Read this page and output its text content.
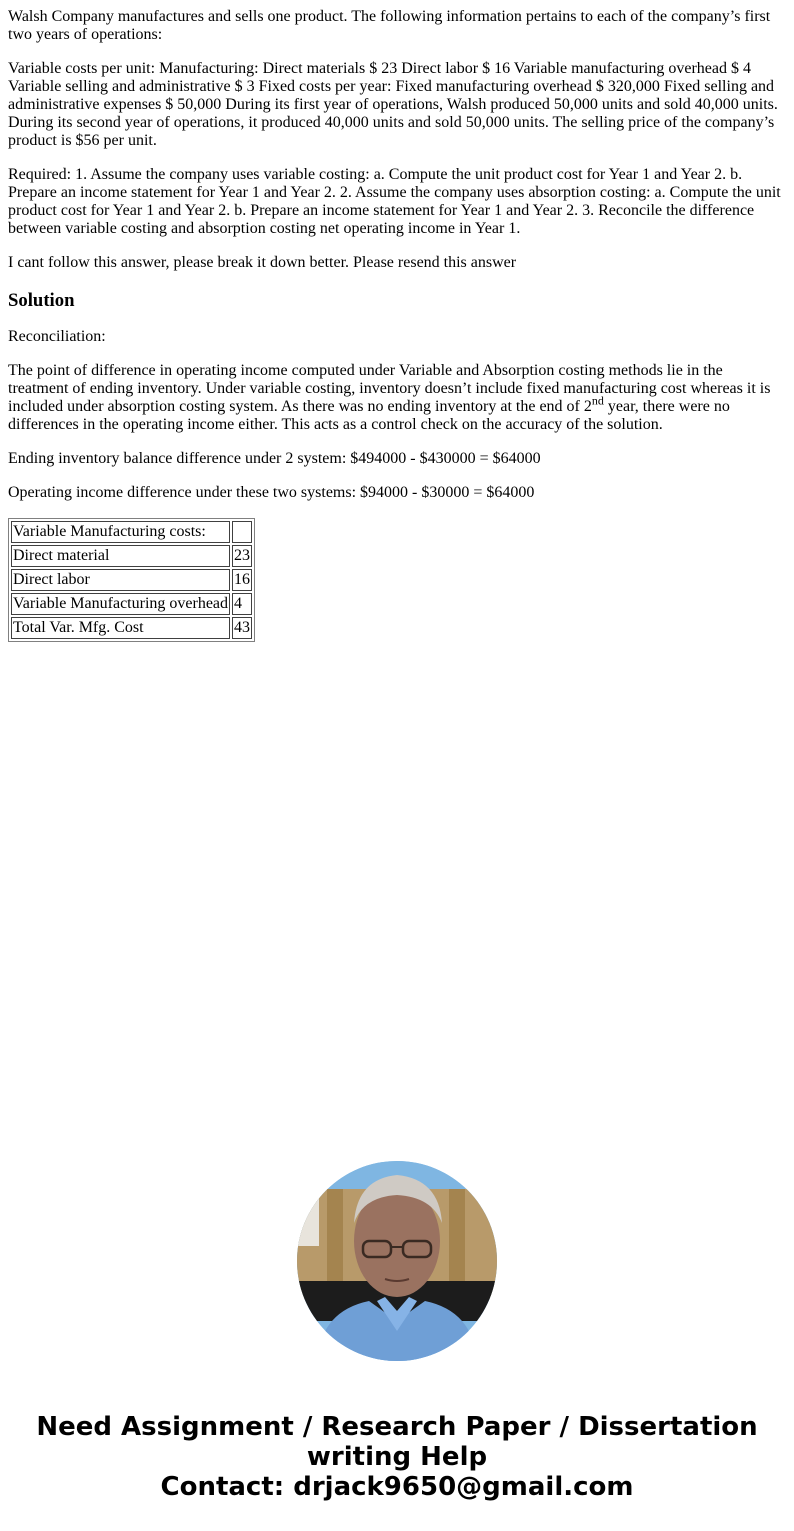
Walsh Company manufactures and sells one product. The following information pertains to each of the company’s first two years of operations:

Variable costs per unit: Manufacturing: Direct materials $ 23 Direct labor $ 16 Variable manufacturing overhead $ 4 Variable selling and administrative $ 3 Fixed costs per year: Fixed manufacturing overhead $ 320,000 Fixed selling and administrative expenses $ 50,000 During its first year of operations, Walsh produced 50,000 units and sold 40,000 units. During its second year of operations, it produced 40,000 units and sold 50,000 units. The selling price of the company’s product is $56 per unit.

Required: 1. Assume the company uses variable costing: a. Compute the unit product cost for Year 1 and Year 2. b. Prepare an income statement for Year 1 and Year 2. 2. Assume the company uses absorption costing: a. Compute the unit product cost for Year 1 and Year 2. b. Prepare an income statement for Year 1 and Year 2. 3. Reconcile the difference between variable costing and absorption costing net operating income in Year 1.

I cant follow this answer, please break it down better. Please resend this answer

Solution

Reconciliation:

The point of difference in operating income computed under Variable and Absorption costing methods lie in the treatment of ending inventory. Under variable costing, inventory doesn’t include fixed manufacturing cost whereas it is included under absorption costing system. As there was no ending inventory at the end of 2nd year, there were no differences in the operating income either. This acts as a control check on the accuracy of the solution.

Ending inventory balance difference under 2 system: $494000 - $430000 = $64000

Operating income difference under these two systems: $94000 - $30000 = $64000

Variable Manufacturing costs:	
Direct material	23
Direct labor	16
Variable Manufacturing overhead	4
Total Var. Mfg. Cost	43
Need Assignment / Research Paper / Dissertation
writing Help
Contact: drjack9650@gmail.com
